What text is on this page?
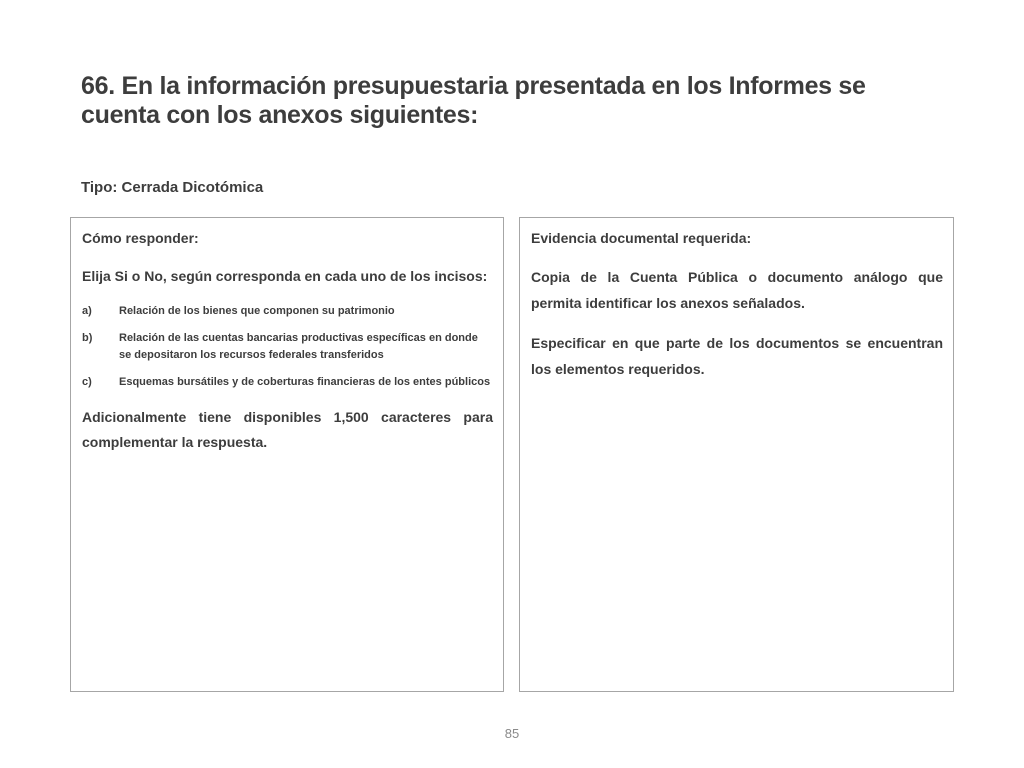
66. En la información presupuestaria presentada en los Informes se cuenta con los anexos siguientes:

Tipo: Cerrada Dicotómica

Cómo responder:

Elija Si o No, según corresponda en cada uno de los incisos:

a)	Relación de los bienes que componen su patrimonio
b)	Relación de las cuentas bancarias productivas específicas en donde se depositaron los recursos federales transferidos
c)	Esquemas bursátiles y de coberturas financieras de los entes públicos

Adicionalmente tiene disponibles 1,500 caracteres para complementar la respuesta.

Evidencia documental requerida:

Copia de la Cuenta Pública o documento análogo que permita identificar los anexos señalados.

Especificar en que parte de los documentos se encuentran los elementos requeridos.

85
